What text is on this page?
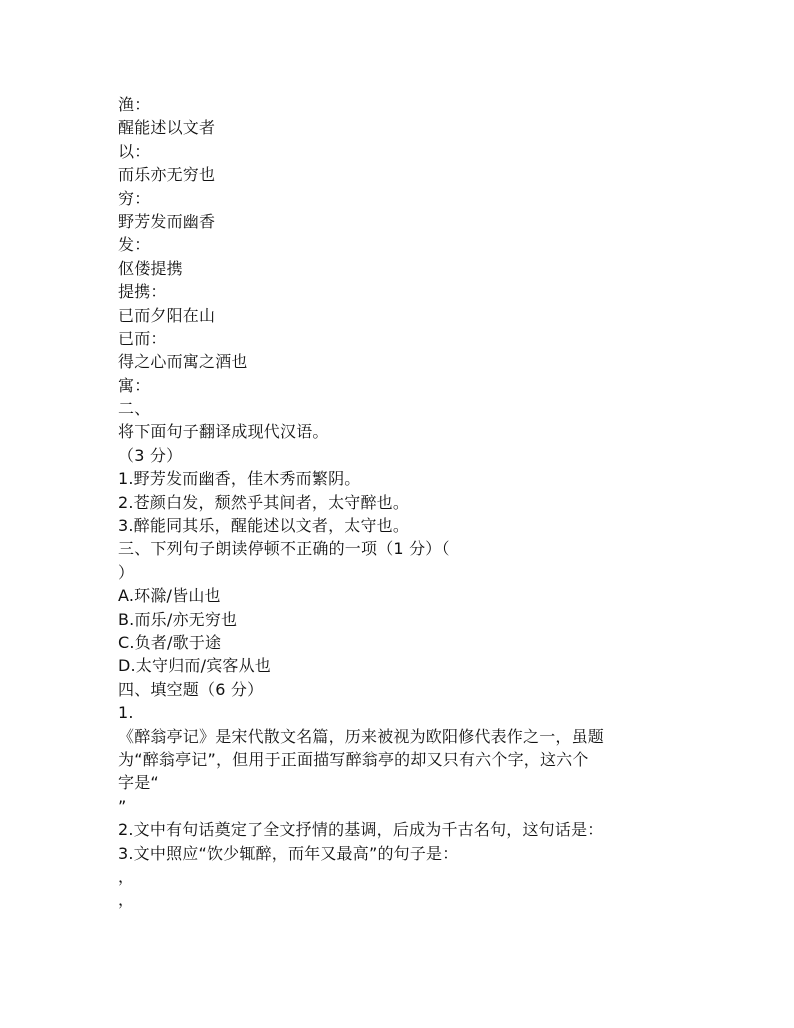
渔：
醒能述以文者
以：
而乐亦无穷也
穷：
野芳发而幽香
发：
伛偻提携
提携：
已而夕阳在山
已而：
得之心而寓之酒也
寓：
二、
将下面句子翻译成现代汉语。
（3 分）
1.野芳发而幽香，佳木秀而繁阴。
2.苍颜白发，颓然乎其间者，太守醉也。
3.醉能同其乐，醒能述以文者，太守也。
三、下列句子朗读停顿不正确的一项（1 分）（
）
A.环滁/皆山也
B.而乐/亦无穷也
C.负者/歌于途
D.太守归而/宾客从也
四、填空题（6 分）
1.
《醉翁亭记》是宋代散文名篇，历来被视为欧阳修代表作之一，虽题
为“醉翁亭记”，但用于正面描写醉翁亭的却又只有六个字，这六个
字是“
”
2.文中有句话奠定了全文抒情的基调，后成为千古名句，这句话是：
3.文中照应“饮少辄醉，而年又最高”的句子是：
，
，
